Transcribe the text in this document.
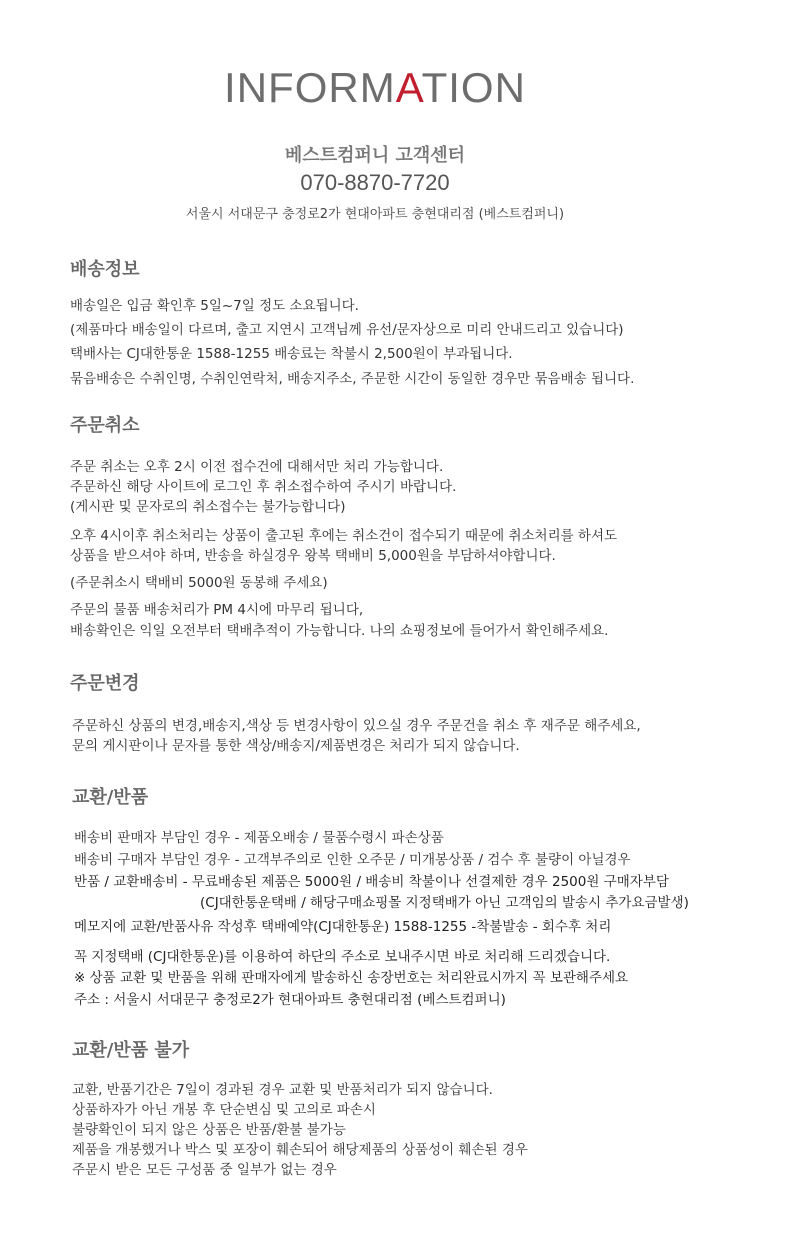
INFORMATION
베스트컴퍼니 고객센터
070-8870-7720
서울시 서대문구 충정로2가 현대아파트 충현대리점 (베스트컴퍼니)
배송정보
배송일은 입금 확인후 5일~7일 정도 소요됩니다.
(제품마다 배송일이 다르며, 출고 지연시 고객님께 유선/문자상으로 미리 안내드리고 있습니다)
택배사는 CJ대한통운 1588-1255 배송료는 착불시 2,500원이 부과됩니다.
묶음배송은 수취인명, 수취인연락처, 배송지주소, 주문한 시간이 동일한 경우만 묶음배송 됩니다.
주문취소
주문 취소는 오후 2시 이전 접수건에 대해서만 처리 가능합니다.
주문하신 해당 사이트에 로그인 후 취소접수하여 주시기 바랍니다.
(게시판 및 문자로의 취소접수는 불가능합니다)
오후 4시이후 취소처리는 상품이 출고된 후에는 취소건이 접수되기 때문에 취소처리를 하셔도
상품을 받으셔야 하며, 반송을 하실경우 왕복 택배비 5,000원을 부담하셔야합니다.
(주문취소시 택배비 5000원 동봉해 주세요)
주문의 물품 배송처리가 PM 4시에 마무리 됩니다,
배송확인은 익일 오전부터 택배추적이 가능합니다. 나의 쇼핑정보에 들어가서 확인해주세요.
주문변경
주문하신 상품의 변경,배송지,색상 등 변경사항이 있으실 경우 주문건을 취소 후 재주문 해주세요,
문의 게시판이나 문자를 통한 색상/배송지/제품변경은 처리가 되지 않습니다.
교환/반품
배송비 판매자 부담인 경우 - 제품오배송 / 물품수령시 파손상품
배송비 구매자 부담인 경우 - 고객부주의로 인한 오주문 / 미개봉상품 / 검수 후 불량이 아닐경우
반품 / 교환배송비 - 무료배송된 제품은 5000원 / 배송비 착불이나 선결제한 경우 2500원 구매자부담
(CJ대한통운택배 / 해당구매쇼핑몰 지정택배가 아닌 고객임의 발송시 추가요금발생)
메모지에 교환/반품사유 작성후 택배예약(CJ대한통운) 1588-1255 -착불발송 - 회수후 처리
꼭 지정택배 (CJ대한통운)를 이용하여 하단의 주소로 보내주시면 바로 처리해 드리겠습니다.
※ 상품 교환 및 반품을 위해 판매자에게 발송하신 송장번호는 처리완료시까지 꼭 보관해주세요
주소 : 서울시 서대문구 충정로2가 현대아파트 충현대리점 (베스트컴퍼니)
교환/반품 불가
교환, 반품기간은 7일이 경과된 경우 교환 및 반품처리가 되지 않습니다.
상품하자가 아닌 개봉 후 단순변심 및 고의로 파손시
불량확인이 되지 않은 상품은 반품/환불 불가능
제품을 개봉했거나 박스 및 포장이 훼손되어 해당제품의 상품성이 훼손된 경우
주문시 받은 모든 구성품 중 일부가 없는 경우
